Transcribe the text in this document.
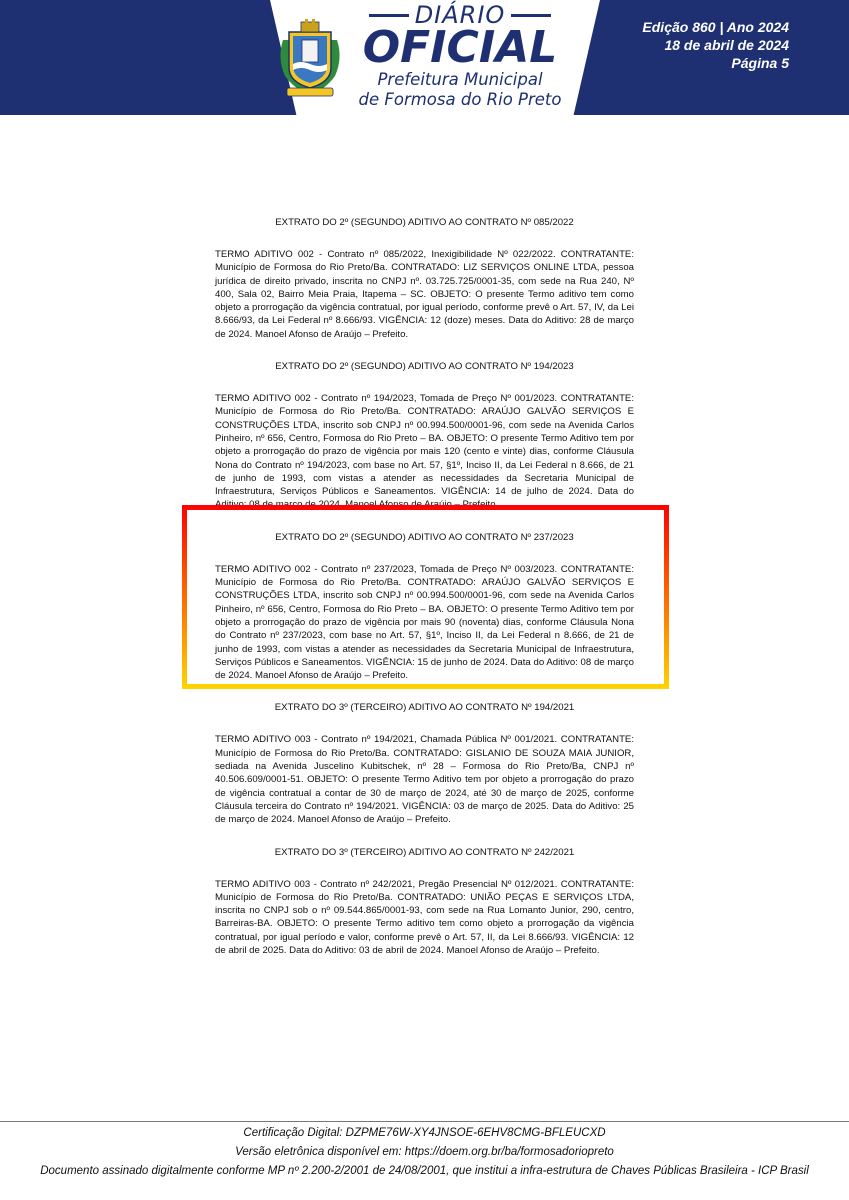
DIÁRIO
OFICIAL
Prefeitura Municipal
de Formosa do Rio Preto
Edição 860 | Ano 2024
18 de abril de 2024
Página 5

EXTRATO DO 2º (SEGUNDO) ADITIVO AO CONTRATO Nº 085/2022

TERMO ADITIVO 002 - Contrato nº 085/2022, Inexigibilidade Nº 022/2022. CONTRATANTE: Município de Formosa do Rio Preto/Ba. CONTRATADO: LIZ SERVIÇOS ONLINE LTDA, pessoa jurídica de direito privado, inscrita no CNPJ nº. 03.725.725/0001-35, com sede na Rua 240, Nº 400, Sala 02, Bairro Meia Praia, Itapema – SC. OBJETO: O presente Termo aditivo tem como objeto a prorrogação da vigência contratual, por igual período, conforme prevê o Art. 57, IV, da Lei 8.666/93, da Lei Federal nº 8.666/93. VIGÊNCIA: 12 (doze) meses. Data do Aditivo: 28 de março de 2024. Manoel Afonso de Araújo – Prefeito.

EXTRATO DO 2º (SEGUNDO) ADITIVO AO CONTRATO Nº 194/2023

TERMO ADITIVO 002 - Contrato nº 194/2023, Tomada de Preço Nº 001/2023. CONTRATANTE: Município de Formosa do Rio Preto/Ba. CONTRATADO: ARAÚJO GALVÃO SERVIÇOS E CONSTRUÇÕES LTDA, inscrito sob CNPJ nº 00.994.500/0001-96, com sede na Avenida Carlos Pinheiro, nº 656, Centro, Formosa do Rio Preto – BA. OBJETO: O presente Termo Aditivo tem por objeto a prorrogação do prazo de vigência por mais 120 (cento e vinte) dias, conforme Cláusula Nona do Contrato nº 194/2023, com base no Art. 57, §1º, Inciso II, da Lei Federal n 8.666, de 21 de junho de 1993, com vistas a atender as necessidades da Secretaria Municipal de Infraestrutura, Serviços Públicos e Saneamentos. VIGÊNCIA: 14 de julho de 2024. Data do

EXTRATO DO 3º (TERCEIRO) ADITIVO AO CONTRATO Nº 194/2021

TERMO ADITIVO 003 - Contrato nº 194/2021, Chamada Pública Nº 001/2021. CONTRATANTE: Município de Formosa do Rio Preto/Ba. CONTRATADO: GISLANIO DE SOUZA MAIA JUNIOR, sediada na Avenida Juscelino Kubitschek, nº 28 – Formosa do Rio Preto/Ba, CNPJ nº 40.506.609/0001-51. OBJETO: O presente Termo Aditivo tem por objeto a prorrogação do prazo de vigência contratual a contar de 30 de março de 2024, até 30 de março de 2025, conforme Cláusula terceira do Contrato nº 194/2021. VIGÊNCIA: 03 de março de 2025. Data do Aditivo: 25 de março de 2024. Manoel Afonso de Araújo – Prefeito.

EXTRATO DO 3º (TERCEIRO) ADITIVO AO CONTRATO Nº 242/2021

TERMO ADITIVO 003 - Contrato nº 242/2021, Pregão Presencial Nº 012/2021. CONTRATANTE: Município de Formosa do Rio Preto/Ba. CONTRATADO: UNIÃO PEÇAS E SERVIÇOS LTDA, inscrita no CNPJ sob o nº 09.544.865/0001-93, com sede na Rua Lomanto Junior, 290, centro, Barreiras-BA. OBJETO: O presente Termo aditivo tem como objeto a prorrogação da vigência contratual, por igual período e valor, conforme prevê o Art. 57, II, da Lei 8.666/93. VIGÊNCIA: 12 de abril de 2025. Data do Aditivo: 03 de abril de 2024. Manoel Afonso de Araújo – Prefeito.

Certificação Digital: DZPME76W-XY4JNSOE-6EHV8CMG-BFLEUCXD
Versão eletrônica disponível em: https://doem.org.br/ba/formosadoriopreto
Documento assinado digitalmente conforme MP nº 2.200-2/2001 de 24/08/2001, que institui a infra-estrutura de Chaves Públicas Brasileira - ICP Brasil
